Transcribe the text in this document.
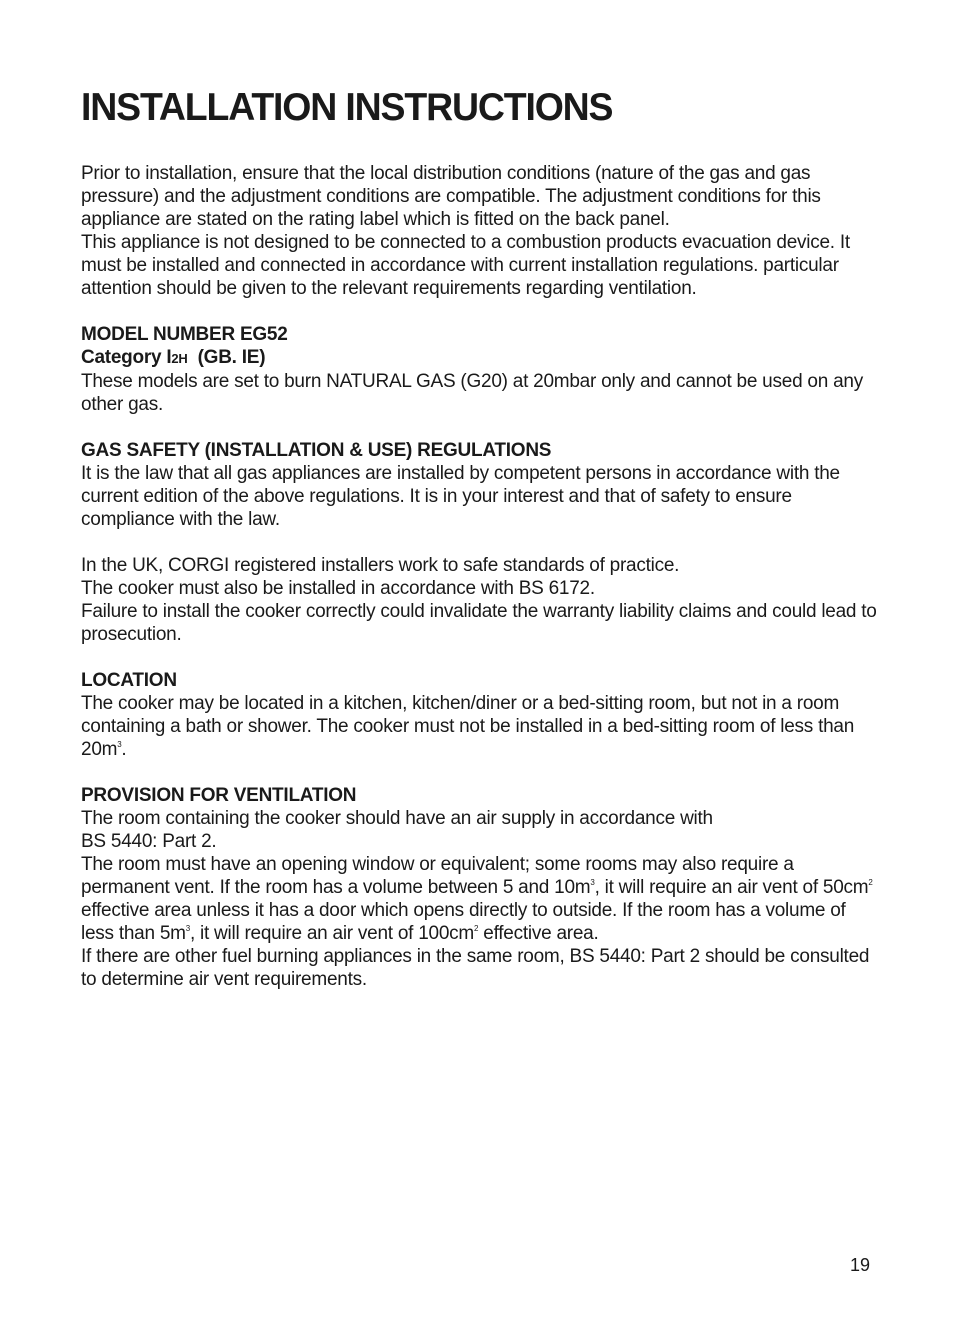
INSTALLATION INSTRUCTIONS

Prior to installation, ensure that the local distribution conditions (nature of the gas and gas pressure) and the adjustment conditions are compatible. The adjustment conditions for this appliance are stated on the rating label which is fitted on the back panel.

This appliance is not designed to be connected to a combustion products evacuation device. It must be installed and connected in accordance with current installation regulations. particular attention should be given to the relevant requirements regarding ventilation.

MODEL NUMBER EG52

Category I2H (GB. IE)

These models are set to burn NATURAL GAS (G20) at 20mbar only and cannot be used on any other gas.

GAS SAFETY (INSTALLATION & USE) REGULATIONS

It is the law that all gas appliances are installed by competent persons in accordance with the current edition of the above regulations. It is in your interest and that of safety to ensure compliance with the law.

In the UK, CORGI registered installers work to safe standards of practice.

The cooker must also be installed in accordance with BS 6172.

Failure to install the cooker correctly could invalidate the warranty liability claims and could lead to prosecution.

LOCATION

The cooker may be located in a kitchen, kitchen/diner or a bed-sitting room, but not in a room containing a bath or shower. The cooker must not be installed in a bed-sitting room of less than $20m^3$.

PROVISION FOR VENTILATION

The room containing the cooker should have an air supply in accordance with

BS 5440: Part 2.

The room must have an opening window or equivalent; some rooms may also require a permanent vent. If the room has a volume between 5 and $10m^3$, it will require an air vent of $50cm^2$ effective area unless it has a door which opens directly to outside. If the room has a volume of less than $5m^3$, it will require an air vent of $100cm^2$ effective area.

If there are other fuel burning appliances in the same room, BS 5440: Part 2 should be consulted to determine air vent requirements.

19
